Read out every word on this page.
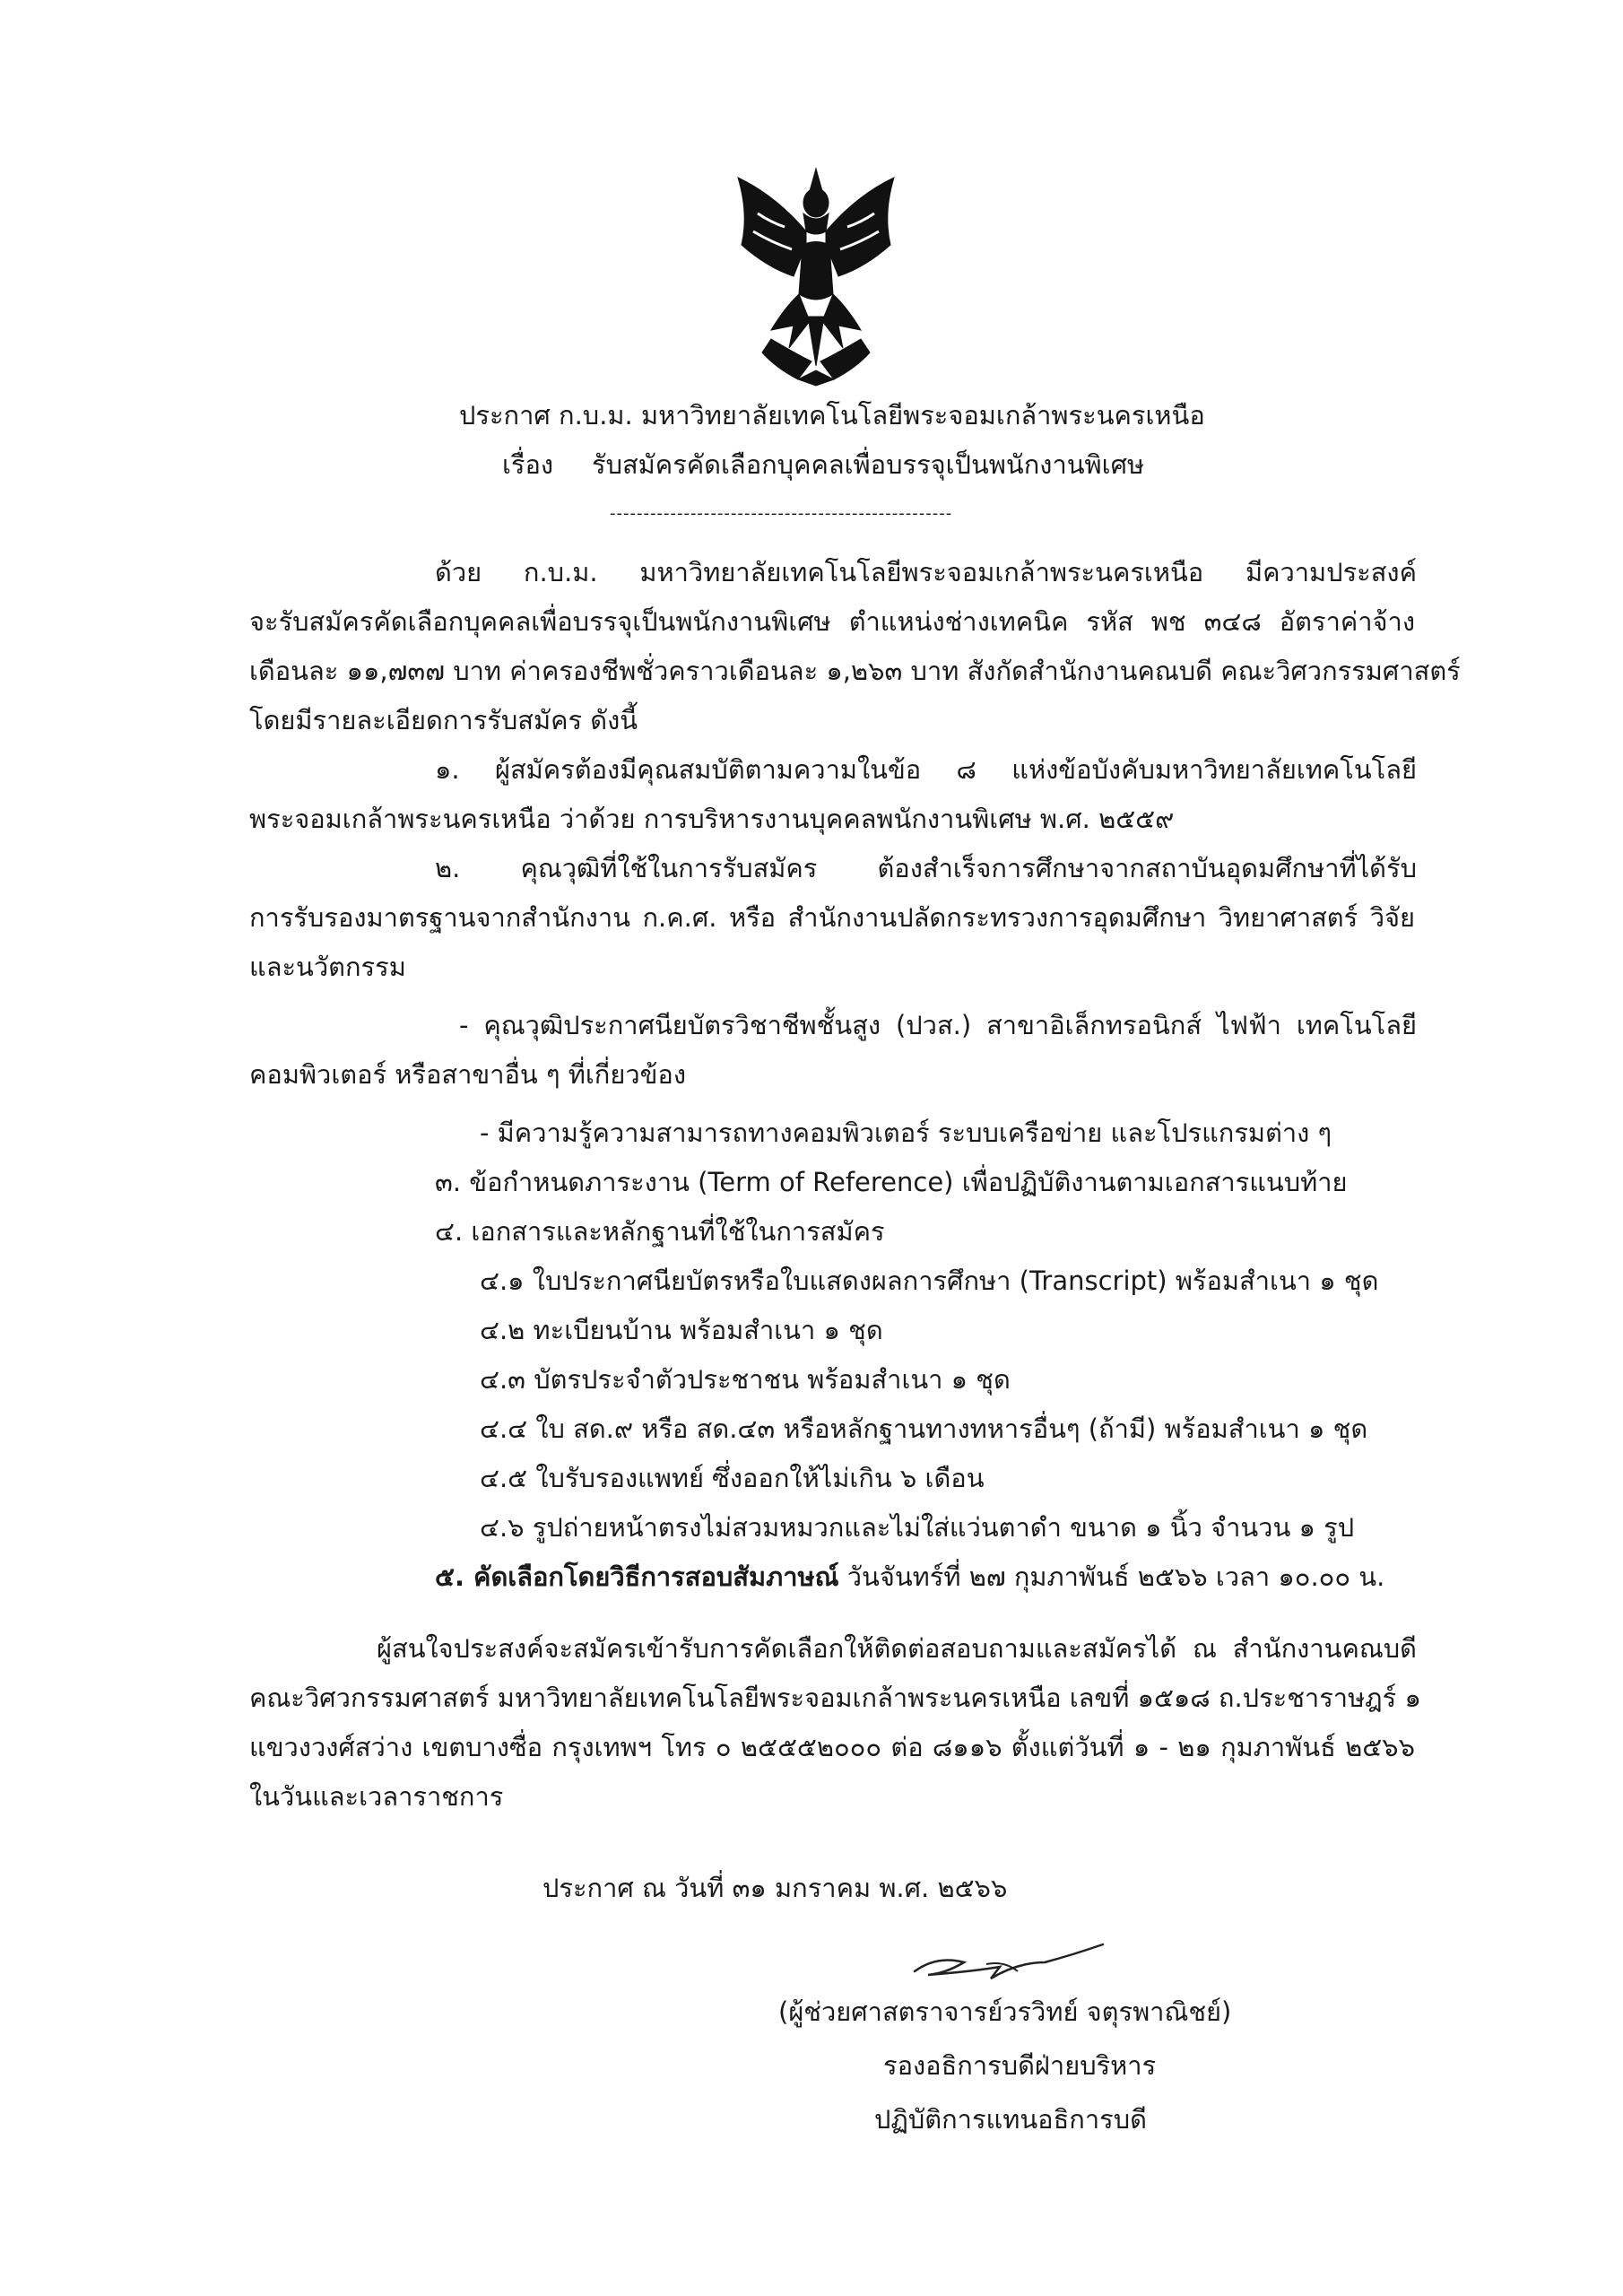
ประกาศ ก.บ.ม. มหาวิทยาลัยเทคโนโลยีพระจอมเกล้าพระนครเหนือ
เรื่อง รับสมัครคัดเลือกบุคคลเพื่อบรรจุเป็นพนักงานพิเศษ
---------------------------------------------------
ด้วย ก.บ.ม. มหาวิทยาลัยเทคโนโลยีพระจอมเกล้าพระนครเหนือ มีความประสงค์
จะรับสมัครคัดเลือกบุคคลเพื่อบรรจุเป็นพนักงานพิเศษ ตำแหน่งช่างเทคนิค รหัส พช ๓๔๘ อัตราค่าจ้าง
เดือนละ ๑๑,๗๓๗ บาท ค่าครองชีพชั่วคราวเดือนละ ๑,๒๖๓ บาท สังกัดสำนักงานคณบดี คณะวิศวกรรมศาสตร์
โดยมีรายละเอียดการรับสมัคร ดังนี้
๑. ผู้สมัครต้องมีคุณสมบัติตามความในข้อ ๘ แห่งข้อบังคับมหาวิทยาลัยเทคโนโลยี
พระจอมเกล้าพระนครเหนือ ว่าด้วย การบริหารงานบุคคลพนักงานพิเศษ พ.ศ. ๒๕๕๙
๒. คุณวุฒิที่ใช้ในการรับสมัคร ต้องสำเร็จการศึกษาจากสถาบันอุดมศึกษาที่ได้รับ
การรับรองมาตรฐานจากสำนักงาน ก.ค.ศ. หรือ สำนักงานปลัดกระทรวงการอุดมศึกษา วิทยาศาสตร์ วิจัย
และนวัตกรรม
- คุณวุฒิประกาศนียบัตรวิชาชีพชั้นสูง (ปวส.) สาขาอิเล็กทรอนิกส์ ไฟฟ้า เทคโนโลยี
คอมพิวเตอร์ หรือสาขาอื่น ๆ ที่เกี่ยวข้อง
- มีความรู้ความสามารถทางคอมพิวเตอร์ ระบบเครือข่าย และโปรแกรมต่าง ๆ
๓. ข้อกำหนดภาระงาน (Term of Reference) เพื่อปฏิบัติงานตามเอกสารแนบท้าย
๔. เอกสารและหลักฐานที่ใช้ในการสมัคร
๔.๑ ใบประกาศนียบัตรหรือใบแสดงผลการศึกษา (Transcript) พร้อมสำเนา ๑ ชุด
๔.๒ ทะเบียนบ้าน พร้อมสำเนา ๑ ชุด
๔.๓ บัตรประจำตัวประชาชน พร้อมสำเนา ๑ ชุด
๔.๔ ใบ สด.๙ หรือ สด.๔๓ หรือหลักฐานทางทหารอื่นๆ (ถ้ามี) พร้อมสำเนา ๑ ชุด
๔.๕ ใบรับรองแพทย์ ซึ่งออกให้ไม่เกิน ๖ เดือน
๔.๖ รูปถ่ายหน้าตรงไม่สวมหมวกและไม่ใส่แว่นตาดำ ขนาด ๑ นิ้ว จำนวน ๑ รูป
๕. คัดเลือกโดยวิธีการสอบสัมภาษณ์ วันจันทร์ที่ ๒๗ กุมภาพันธ์ ๒๕๖๖ เวลา ๑๐.๐๐ น.
ผู้สนใจประสงค์จะสมัครเข้ารับการคัดเลือกให้ติดต่อสอบถามและสมัครได้ ณ สำนักงานคณบดี
คณะวิศวกรรมศาสตร์ มหาวิทยาลัยเทคโนโลยีพระจอมเกล้าพระนครเหนือ เลขที่ ๑๕๑๘ ถ.ประชาราษฎร์ ๑
แขวงวงศ์สว่าง เขตบางซื่อ กรุงเทพฯ โทร ๐ ๒๕๕๕๒๐๐๐ ต่อ ๘๑๑๖ ตั้งแต่วันที่ ๑ - ๒๑ กุมภาพันธ์ ๒๕๖๖
ในวันและเวลาราชการ
ประกาศ ณ วันที่ ๓๑ มกราคม พ.ศ. ๒๕๖๖
(ผู้ช่วยศาสตราจารย์วรวิทย์ จตุรพาณิชย์)
รองอธิการบดีฝ่ายบริหาร
ปฏิบัติการแทนอธิการบดี
